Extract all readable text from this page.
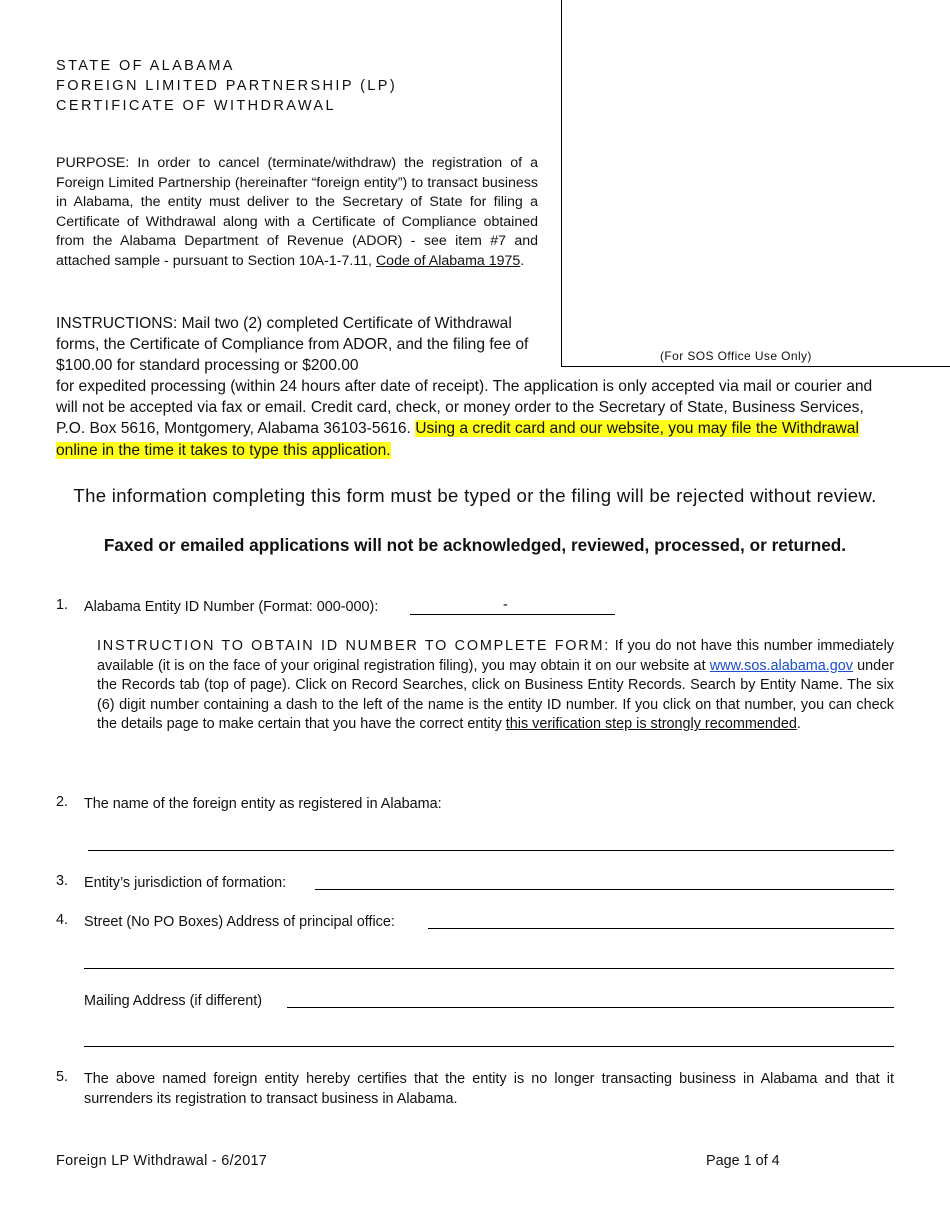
STATE OF ALABAMA
FOREIGN LIMITED PARTNERSHIP (LP)
CERTIFICATE OF WITHDRAWAL
(For SOS Office Use Only)
PURPOSE: In order to cancel (terminate/withdraw) the registration of a Foreign Limited Partnership (hereinafter “foreign entity”) to transact business in Alabama, the entity must deliver to the Secretary of State for filing a Certificate of Withdrawal along with a Certificate of Compliance obtained from the Alabama Department of Revenue (ADOR) - see item #7 and attached sample - pursuant to Section 10A-1-7.11, Code of Alabama 1975.
INSTRUCTIONS: Mail two (2) completed Certificate of Withdrawal forms, the Certificate of Compliance from ADOR, and the filing fee of $100.00 for standard processing or $200.00
for expedited processing (within 24 hours after date of receipt). The application is only accepted via mail or courier and will not be accepted via fax or email. Credit card, check, or money order to the Secretary of State, Business Services, P.O. Box 5616, Montgomery, Alabama 36103-5616. Using a credit card and our website, you may file the Withdrawal online in the time it takes to type this application.
The information completing this form must be typed or the filing will be rejected without review.
Faxed or emailed applications will not be acknowledged, reviewed, processed, or returned.
1. Alabama Entity ID Number (Format: 000-000):	-
INSTRUCTION TO OBTAIN ID NUMBER TO COMPLETE FORM: If you do not have this number immediately available (it is on the face of your original registration filing), you may obtain it on our website at www.sos.alabama.gov under the Records tab (top of page). Click on Record Searches, click on Business Entity Records. Search by Entity Name. The six (6) digit number containing a dash to the left of the name is the entity ID number. If you click on that number, you can check the details page to make certain that you have the correct entity this verification step is strongly recommended.
2. The name of the foreign entity as registered in Alabama:
3. Entity’s jurisdiction of formation:
4. Street (No PO Boxes) Address of principal office:
Mailing Address (if different)
5. The above named foreign entity hereby certifies that the entity is no longer transacting business in Alabama and that it surrenders its registration to transact business in Alabama.
Foreign LP Withdrawal - 6/2017	Page 1 of 4
